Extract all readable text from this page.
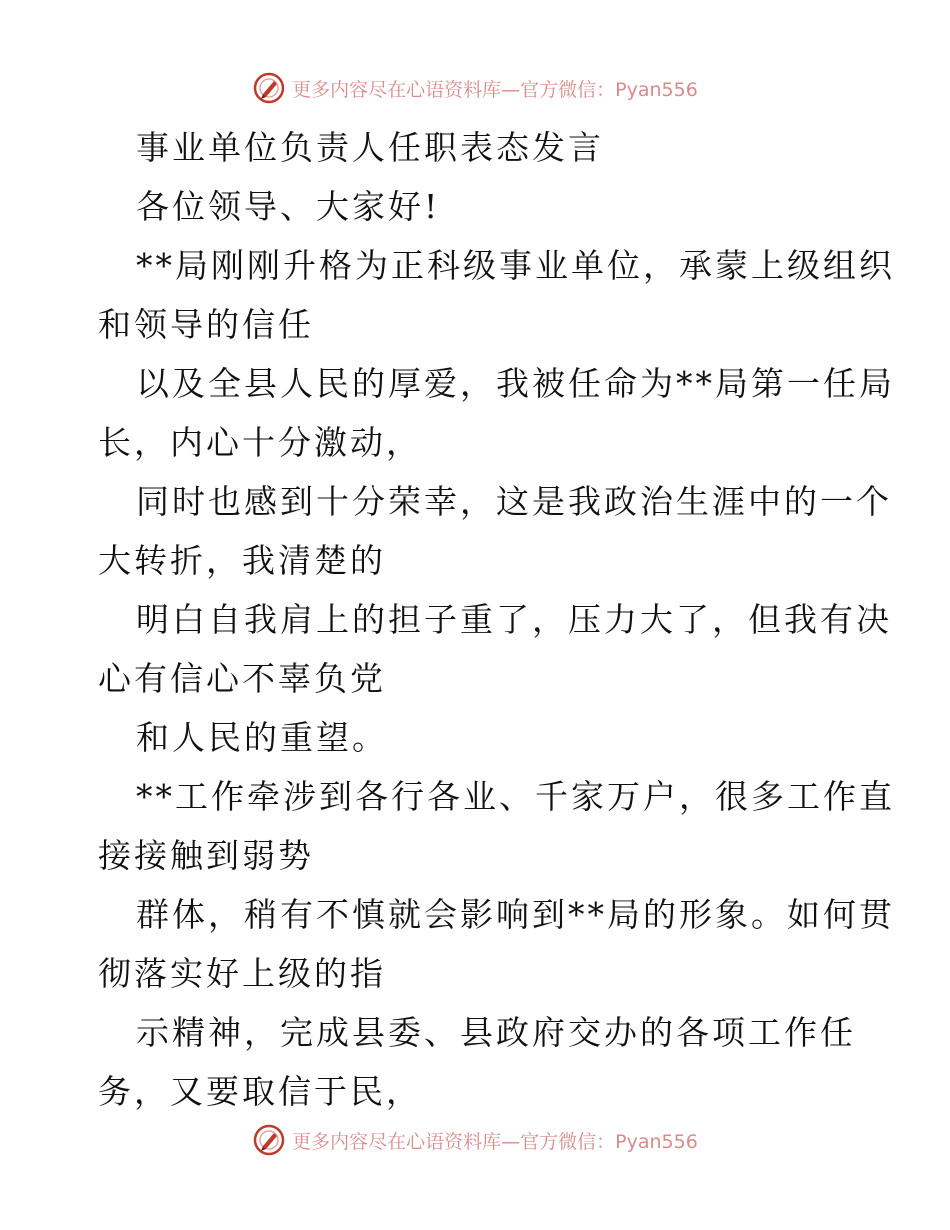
更多内容尽在心语资料库—官方微信：Pyan556
事业单位负责人任职表态发言
各位领导、大家好!
**局刚刚升格为正科级事业单位，承蒙上级组织
和领导的信任
以及全县人民的厚爱，我被任命为**局第一任局
长，内心十分激动，
同时也感到十分荣幸，这是我政治生涯中的一个
大转折，我清楚的
明白自我肩上的担子重了，压力大了，但我有决
心有信心不辜负党
和人民的重望。
**工作牵涉到各行各业、千家万户，很多工作直
接接触到弱势
群体，稍有不慎就会影响到**局的形象。如何贯
彻落实好上级的指
示精神，完成县委、县政府交办的各项工作任
务，又要取信于民，
更多内容尽在心语资料库—官方微信：Pyan556
